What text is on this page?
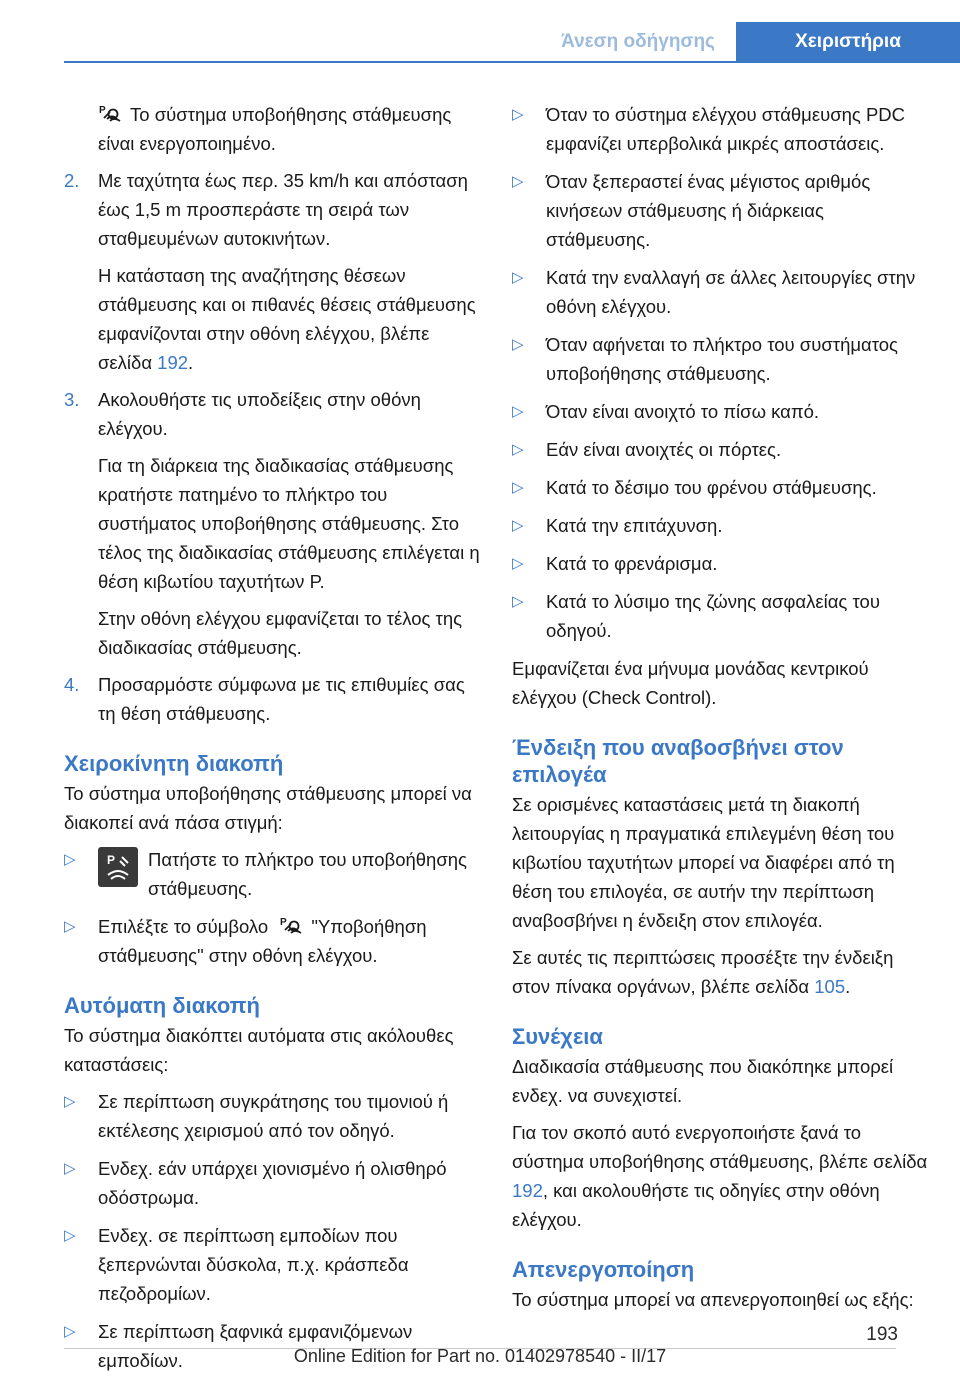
Άνεση οδήγησης	Χειριστήρια

P Το σύστημα υποβοήθησης στάθμευσης είναι ενεργοποιημένο.

2. Με ταχύτητα έως περ. 35 km/h και απόσταση έως 1,5 m προσπεράστε τη σειρά των σταθμευμένων αυτοκινήτων.

Η κατάσταση της αναζήτησης θέσεων στάθμευσης και οι πιθανές θέσεις στάθμευσης εμφανίζονται στην οθόνη ελέγχου, βλέπε σελίδα 192.

3. Ακολουθήστε τις υποδείξεις στην οθόνη ελέγχου.

Για τη διάρκεια της διαδικασίας στάθμευσης κρατήστε πατημένο το πλήκτρο του συστήματος υποβοήθησης στάθμευσης. Στο τέλος της διαδικασίας στάθμευσης επιλέγεται η θέση κιβωτίου ταχυτήτων P.

Στην οθόνη ελέγχου εμφανίζεται το τέλος της διαδικασίας στάθμευσης.

4. Προσαρμόστε σύμφωνα με τις επιθυμίες σας τη θέση στάθμευσης.

Χειροκίνητη διακοπή

Το σύστημα υποβοήθησης στάθμευσης μπορεί να διακοπεί ανά πάσα στιγμή:

▷	P Πατήστε το πλήκτρο του υποβοήθησης στάθμευσης.
▷ Επιλέξτε το σύμβολο P "Υποβοήθηση στάθμευσης" στην οθόνη ελέγχου.
Αυτόματη διακοπή

Το σύστημα διακόπτει αυτόματα στις ακόλουθες καταστάσεις:

▷ Σε περίπτωση συγκράτησης του τιμονιού ή εκτέλεσης χειρισμού από τον οδηγό.
▷ Ενδεχ. εάν υπάρχει χιονισμένο ή ολισθηρό οδόστρωμα.
▷ Ενδεχ. σε περίπτωση εμποδίων που ξεπερνώνται δύσκολα, π.χ. κράσπεδα πεζοδρομίων.
▷ Σε περίπτωση ξαφνικά εμφανιζόμενων εμποδίων.
▷ Όταν το σύστημα ελέγχου στάθμευσης PDC εμφανίζει υπερβολικά μικρές αποστάσεις.
▷ Όταν ξεπεραστεί ένας μέγιστος αριθμός κινήσεων στάθμευσης ή διάρκειας στάθμευσης.
▷ Κατά την εναλλαγή σε άλλες λειτουργίες στην οθόνη ελέγχου.
▷ Όταν αφήνεται το πλήκτρο του συστήματος υποβοήθησης στάθμευσης.
▷ Όταν είναι ανοιχτό το πίσω καπό.
▷ Εάν είναι ανοιχτές οι πόρτες.
▷ Κατά το δέσιμο του φρένου στάθμευσης.
▷ Κατά την επιτάχυνση.
▷ Κατά το φρενάρισμα.
▷ Κατά το λύσιμο της ζώνης ασφαλείας του οδηγού.

Εμφανίζεται ένα μήνυμα μονάδας κεντρικού ελέγχου (Check Control).

Ένδειξη που αναβοσβήνει στον επιλογέα

Σε ορισμένες καταστάσεις μετά τη διακοπή λειτουργίας η πραγματικά επιλεγμένη θέση του κιβωτίου ταχυτήτων μπορεί να διαφέρει από τη θέση του επιλογέα, σε αυτήν την περίπτωση αναβοσβήνει η ένδειξη στον επιλογέα.

Σε αυτές τις περιπτώσεις προσέξτε την ένδειξη στον πίνακα οργάνων, βλέπε σελίδα 105.

Συνέχεια

Διαδικασία στάθμευσης που διακόπηκε μπορεί ενδεχ. να συνεχιστεί.

Για τον σκοπό αυτό ενεργοποιήστε ξανά το σύστημα υποβοήθησης στάθμευσης, βλέπε σελίδα 192, και ακολουθήστε τις οδηγίες στην οθόνη ελέγχου.

Απενεργοποίηση

Το σύστημα μπορεί να απενεργοποιηθεί ως εξής:

193
Online Edition for Part no. 01402978540 - II/17
